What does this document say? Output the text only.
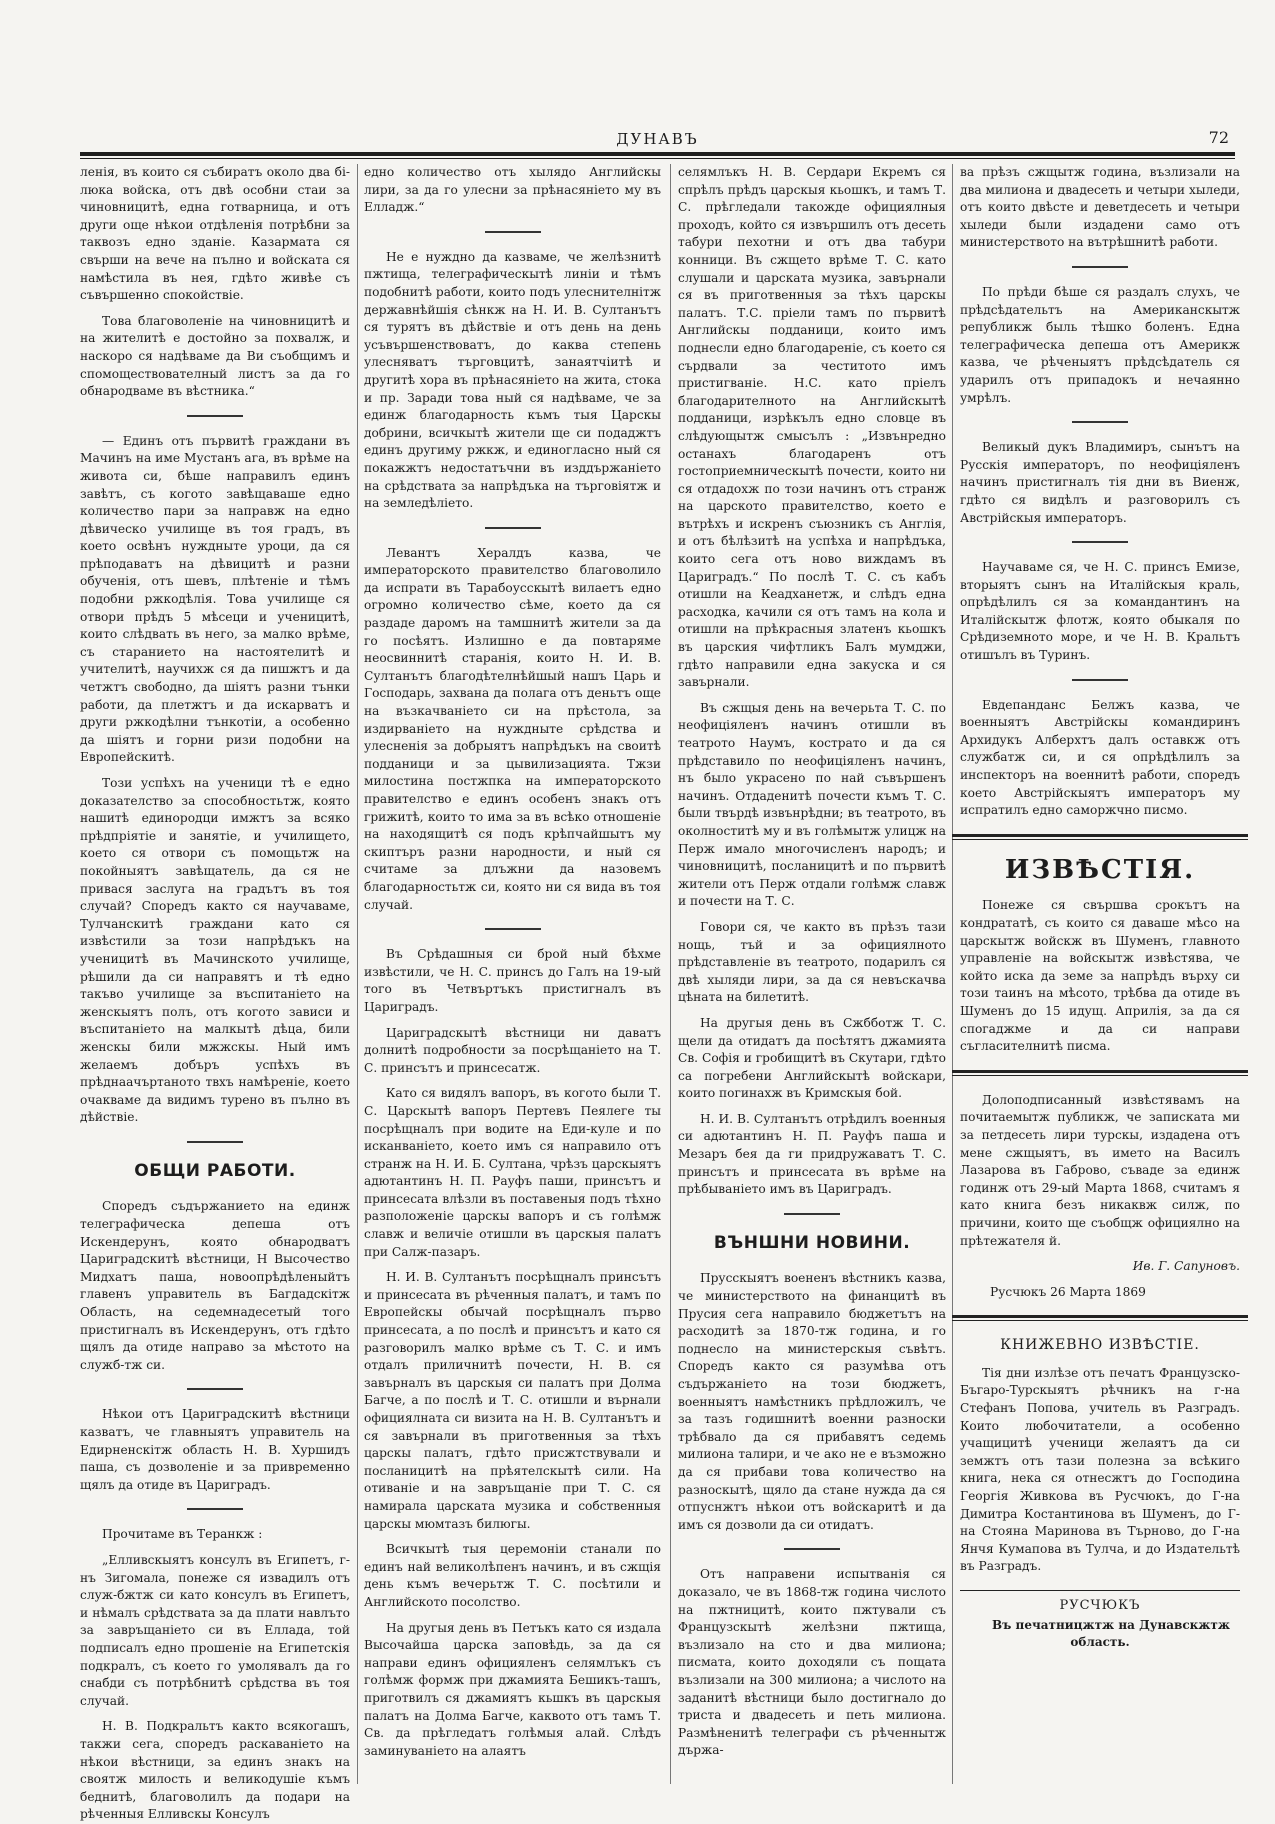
ДУНАВЪ	72

ленія, въ които ся събиратъ около два бі-люка войска, отъ двѣ особни стаи за чиновницитѣ, една готварница, и отъ други още нѣкои отдѣленія потрѣбни за таквозъ едно зданіе. Казармата ся свърши на вече на пълно и войската ся намѣстила въ нея, гдѣто живѣе съ съвършенно спокойствіе.

Това благоволеніе на чиновницитѣ и на жителитѣ е достойно за похвалж, и наскоро ся надѣваме да Ви съобщимъ и спомоществователный листъ за да го обнародваме въ вѣстника.“

— Единъ отъ първитѣ граждани въ Мачинъ на име Мустанъ ага, въ врѣме на живота си, бѣше направилъ единъ завѣтъ, съ когото завѣщаваше едно количество пари за направж на едно дѣвическо училище въ тоя градъ, въ което освѣнъ нуждныте уроци, да ся прѣподаватъ на дѣвицитѣ и разни обученія, отъ шевъ, плѣтеніе и тѣмъ подобни ржкодѣлія. Това училище ся отвори прѣдъ 5 мѣсеци и ученицитѣ, които слѣдвать въ него, за малко врѣме, съ старанието на настоятелитѣ и учителитѣ, научихж ся да пишжтъ и да четжтъ свободно, да шіятъ разни тънки работи, да плетжтъ и да искарватъ и други ржкодѣлни тънкотіи, а особенно да шіятъ и горни ризи подобни на Европейскитѣ.

Този успѣхъ на ученици тѣ е едно доказателство за способностьтж, която нашитѣ единородци имжтъ за всяко прѣдпріятіе и занятіе, и училището, което ся отвори съ помощьтж на покойныятъ завѣщатель, да ся не привася заслуга на градътъ въ тоя случай? Споредъ както ся научаваме, Тулчанскитѣ граждани като ся извѣстили за този напрѣдъкъ на ученицитѣ въ Мачинското училище, рѣшили да си направятъ и тѣ едно такъво училище за въспитаніето на женскыятъ полъ, отъ когото зависи и въспитаніето на малкытѣ дѣца, били женскы били мжжскы. Ный имъ желаемъ добъръ успѣхъ въ прѣднаачъртаното твхъ намѣреніе, което очакваме да видимъ турено въ пълно въ дѣйствіе.

ОБЩИ РАБОТИ.

Споредъ съдържанието на единж телеграфическа депеша отъ Искендерунъ, която обнародватъ Цариградскитѣ вѣстници, Н Высочество Мидхатъ паша, новоопрѣдѣленыйтъ главенъ управитель въ Багдадскітж Область, на седемнадесетый того пристигналъ въ Искендерунъ, отъ гдѣто щялъ да отиде направо за мѣстото на служб-тж си.

Нѣкои отъ Цариградскитѣ вѣстници казватъ, че главныятъ управитель на Едирненскітж область Н. В. Хуршидъ паша, съ дозволеніе и за привременно щялъ да отиде въ Цариградъ.

Прочитаме въ Теранкж :

„Елливскыятъ консулъ въ Египетъ, г-нъ Зигомала, понеже ся извадилъ отъ служ-бжтж си като консулъ въ Египетъ, и нѣмалъ срѣдствата за да плати навлъто за завръщаніето си въ Еллада, той подписалъ едно прошеніе на Египетскія подкралъ, съ което го умолявалъ да го снабди съ потрѣбнитѣ срѣдства въ тоя случай.

Н. В. Подкральтъ както всякогашъ, такжи сега, споредъ раскаваніето на нѣкои вѣстници, за единъ знакъ на своятж милость и великодушіе къмъ беднитѣ, благоволилъ да подари на рѣченныя Елливскы Консулъ

едно количество отъ хылядо Английскы лири, за да го улесни за прѣнасяніето му въ Елладж.“

Не е нуждно да казваме, че желѣзнитѣ пжтища, телеграфическытѣ линіи и тѣмъ подобнитѣ работи, които подъ улеснителнітж державнѣйшія сѣнкж на Н. И. В. Султанътъ ся турятъ въ дѣйствіе и отъ день на день усъвършенствоватъ, до каква степень улесняватъ търговцитѣ, занаятчіитѣ и другитѣ хора въ прѣнасяніето на жита, стока и пр. Заради това ный ся надѣваме, че за единж благодарность къмъ тыя Царскы добрини, всичкытѣ жители ще си подаджтъ единъ другиму ржкж, и единогласно ный ся покажжтъ недостатъчни въ изддържаніето на срѣдствата за напрѣдъка на търговіятж и на земледѣліето.

Левантъ Хералдъ казва, че императорското правителство благоволило да испрати въ Тарабоусскытѣ вилаетъ едно огромно количество сѣме, което да ся раздаде даромъ на тамшнитѣ жители за да го посѣятъ. Излишно е да повтаряме неосвиннитѣ старанія, които Н. И. В. Султанътъ благодѣтелнѣйшый нашъ Царь и Господарь, захвана да полага отъ деньтъ още на възкачваніето си на прѣстола, за издирваніето на нуждныте срѣдства и улесненія за добрыятъ напрѣдъкъ на своитѣ подданици и за цывилизацията. Тжзи милостина постжпка на императорското правителство е единъ особенъ знакъ отъ грижитѣ, които то има за въ всѣко отношеніе на находящитѣ ся подъ крѣпчайшытъ му скиптъръ разни народности, и ный ся считаме за длъжни да назовемъ благодарностьтж си, която ни ся вида въ тоя случай.

Въ Срѣдашныя си брой ный бѣхме извѣстили, че Н. С. принсъ до Галъ на 19-ый того въ Четвъртъкъ пристигналъ въ Цариградъ.

Цариградскытѣ вѣстници ни даватъ долнитѣ подробности за посрѣщаніето на Т. С. принсътъ и принсесатж.

Като ся видялъ вапоръ, въ когото были Т. С. Царскытѣ вапоръ Пертевъ Пеялеге ты посрѣщналъ при водите на Еди-куле и по исканваніето, което имъ ся направило отъ странж на Н. И. Б. Султана, чрѣзъ царскыятъ адютантинъ Н. П. Рауфъ паши, принсътъ и принсесата влѣзли въ поставеныя подъ тѣхно разположеніе царскы вапоръ и съ голѣмж славж и величіе отишли въ царскыя палатъ при Салж-пазаръ.

Н. И. В. Султанътъ посрѣщналъ принсътъ и принсесата въ рѣченныя палатъ, и тамъ по Европейскы обычай посрѣщналъ първо принсесата, а по послѣ и принсътъ и като ся разговорилъ малко врѣме съ Т. С. и имъ отдалъ приличнитѣ почести, Н. В. ся завърналъ въ царскыя си палатъ при Долма Багче, а по послѣ и Т. С. отишли и върнали официялната си визита на Н. В. Султанътъ и ся завърнали въ приготвенныя за тѣхъ царскы палатъ, гдѣто присжтствували и посланицитѣ на прѣятелскытѣ сили. На отиваніе и на завръщаніе при Т. С. ся намирала царската музика и собственныя царскы мюмтазъ билюгы.

Всичкытѣ тыя церемоніи станали по единъ най великолѣпенъ начинъ, и въ сжщія день къмъ вечерьтж Т. С. посѣтили и Английското посолство.

На другыя день въ Петъкъ като ся издала Высочайша царска заповѣдь, за да ся направи единъ официяленъ селямлъкъ съ голѣмж формж при джамията Бешикъ-ташъ, приготвилъ ся джамиятъ кьшкъ въ царскыя палатъ на Долма Багче, каквото отъ тамъ Т. Св. да прѣгледатъ голѣмыя алай. Слѣдъ заминуваніето на алаятъ

селямлъкъ Н. В. Сердари Екремъ ся спрѣлъ прѣдъ царскыя кьошкъ, и тамъ Т. С. прѣгледали такожде официялныя проходъ, който ся извършилъ отъ десеть табури пехотни и отъ два табури конници. Въ сжщето врѣме Т. С. като слушали и царската музика, завърнали ся въ приготвенныя за тѣхъ царскы палатъ. Т.С. пріели тамъ по първитѣ Английскы подданици, които имъ поднесли едно благодареніе, съ което ся сърдвали за честитото имъ пристигваніе. Н.С. като пріелъ благодарителното на Английскытѣ подданици, изрѣкълъ едно словце въ слѣдующытж смысълъ : „Извънредно останахъ благодаренъ отъ гостоприемническытѣ почести, които ни ся отдадохж по този начинъ отъ странж на царското правителство, което е вътрѣхъ и искренъ съюзникъ съ Англія, и отъ бѣлѣзитѣ на успѣха и напрѣдъка, които сега отъ ново виждамъ въ Цариградъ.“ По послѣ Т. С. съ кабъ отишли на Кеадханетж, и слѣдъ една расходка, качили ся отъ тамъ на кола и отишли на прѣкрасныя златенъ кьошкъ въ царския чифтликъ Балъ мумджи, гдѣто направили една закуска и ся завърнали.

Въ сжщыя день на вечерьта Т. С. по неофиціяленъ начинъ отишли въ театрото Наумъ, кострато и да ся прѣдставило по неофиціяленъ начинъ, нъ было украсено по най съвършенъ начинъ. Отдаденитѣ почести къмъ Т. С. были твърдѣ извънрѣдни; въ театрото, въ околноститѣ му и въ голѣмытж улицж на Перж имало многочисленъ народъ; и чиновницитѣ, посланицитѣ и по първитѣ жители отъ Перж отдали голѣмж славж и почести на Т. С.

Говори ся, че както въ прѣзъ тази нощь, тъй и за официялното прѣдставленіе въ театрото, подарилъ ся двѣ хыляди лири, за да ся невъскачва цѣната на билетитѣ.

На другыя день въ Сжбботж Т. С. щели да отидатъ да посѣтятъ джамията Св. Софія и гробищитѣ въ Скутари, гдѣто са погребени Английскытѣ войскари, които погинахж въ Кримскыя бой.

Н. И. В. Султанътъ отрѣдилъ военныя си адютантинъ Н. П. Рауфъ паша и Мезаръ бея да ги придружаватъ Т. С. принсътъ и принсесата въ врѣме на прѣбываніето имъ въ Цариградъ.

ВЪНШНИ НОВИНИ.

Прусскыятъ воененъ вѣстникъ казва, че министерството на финанцитѣ въ Прусия сега направило бюджетътъ на расходитѣ за 1870-тж година, и го поднесло на министерскыя съвѣтъ. Споредъ както ся разумѣва отъ съдържаніето на този бюджетъ, военныятъ намѣстникъ прѣдложилъ, че за тазъ годишнитѣ военни разноски трѣбвало да ся прибавятъ седемь милиона талири, и че ако не е възможно да ся прибави това количество на разноскытѣ, щяло да стане нужда да ся отпуснжтъ нѣкои отъ войскаритѣ и да имъ ся дозволи да си отидатъ.

Отъ направени испытванія ся доказало, че въ 1868-тж година числото на пжтницитѣ, които пжтували съ Французскытѣ желѣзни пжтища, възлизало на сто и два милиона; писмата, които доходяли съ пощата възлизали на 300 милиона; а числото на заданитѣ вѣстници было достигнало до триста и двадесеть и петь милиона. Размѣненитѣ телеграфи съ рѣченнытж държа-

ва прѣзъ сжщытж година, възлизали на два милиона и двадесеть и четыри хыледи, отъ които двѣсте и деветдесеть и четыри хыледи были издадени само отъ министерството на вътрѣшнитѣ работи.

По прѣди бѣше ся раздалъ слухъ, че прѣдсѣдательтъ на Американскытж републикж быль тѣшко боленъ. Една телеграфическа депеша отъ Америкж казва, че рѣченыятъ прѣдсѣдатель ся ударилъ отъ припадокъ и нечаянно умрѣлъ.

Великый дукъ Владимиръ, сынътъ на Русскія императоръ, по неофиціяленъ начинъ пристигналъ тія дни въ Виенж, гдѣто ся видѣлъ и разговорилъ съ Австрійскыя императоръ.

Научаваме ся, че Н. С. принсъ Емизе, вторыятъ сынъ на Италійскыя краль, опрѣдѣлилъ ся за командантинъ на Италійскытж флотж, която обыкаля по Срѣдиземното море, и че Н. В. Кральтъ отишълъ въ Туринъ.

Евдепанданс Белжъ казва, че военныятъ Австрійскы командиринъ Архидукъ Алберхтъ далъ оставкж отъ службатж си, и ся опрѣдѣлилъ за инспекторъ на военнитѣ работи, споредъ което Австрійскыятъ императоръ му испратилъ едно саморжчно писмо.

ИЗВѢСТІЯ.

Понеже ся свършва срокътъ на кондрататѣ, съ които ся даваше мѣсо на царскытж войскж въ Шуменъ, главното управленіе на войскытж извѣстява, че който иска да земе за напрѣдъ върху си този таинъ на мѣсото, трѣбва да отиде въ Шуменъ до 15 идущ. Априлія, за да ся спогаджме и да си направи съгласителнитѣ писма.

Долоподписанный извѣстявамъ на почитаемытж публикж, че записката ми за петдесеть лири турскы, издадена отъ мене сжщыятъ, въ името на Василъ Лазарова въ Габрово, съваде за единж годинж отъ 29-ый Марта 1868, считамъ я като книга безъ никаквж силж, по причини, които ще съобщж официялно на прѣтежателя й.

Ив. Г. Сапуновъ.

Русчюкъ 26 Марта 1869

КНИЖЕВНО ИЗВѢСТІЕ.

Тія дни излѣзе отъ печатъ Французско-Бъгаро-Турскыятъ рѣчникъ на г-на Стефанъ Попова, учитель въ Разградъ. Които любочитатели, а особенно учащицитѣ ученици желаятъ да си земжтъ отъ тази полезна за всѣкиго книга, нека ся отнесжтъ до Господина Георгія Живкова въ Русчюкъ, до Г-на Димитра Костантинова въ Шуменъ, до Г-на Стояна Маринова въ Търново, до Г-на Янчя Кумапова въ Тулча, и до Издательтѣ въ Разградъ.

РУСЧЮКЪ

Въ печатницжтж на Дунавскжтж область.
